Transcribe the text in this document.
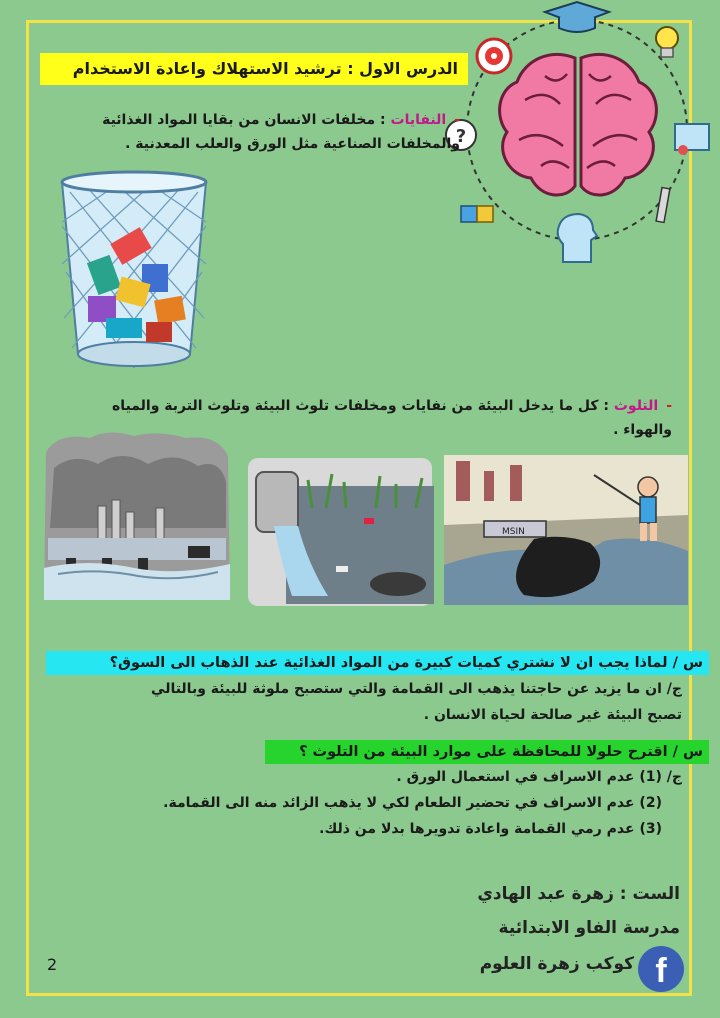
?
الدرس الاول : ترشيد الاستهلاك واعادة الاستخدام
-النفايات : مخلفات الانسان من بقايا المواد الغذائية
والمخلفات الصناعية مثل الورق والعلب المعدنية .
-التلوث : كل ما يدخل البيئة من نفايات ومخلفات تلوث البيئة وتلوث التربة والمياه
والهواء .
MSIN
س / لماذا يجب ان لا نشتري كميات كبيرة من المواد الغذائية عند الذهاب الى السوق؟
ج/ ان ما يزيد عن حاجتنا يذهب الى القمامة والتي ستصبح ملوثة للبيئة وبالتالي
تصبح البيئة غير صالحة لحياة الانسان .
س / اقترح حلولا للمحافظة على موارد البيئة من التلوث ؟
ج/ (1) عدم الاسراف في استعمال الورق .
(2) عدم الاسراف في تحضير الطعام لكي لا يذهب الزائد منه الى القمامة.
(3) عدم رمي القمامة واعادة تدويرها بدلا من ذلك.
الست : زهرة عبد الهادي
مدرسة الفاو الابتدائية
كوكب زهرة العلوم f
2
